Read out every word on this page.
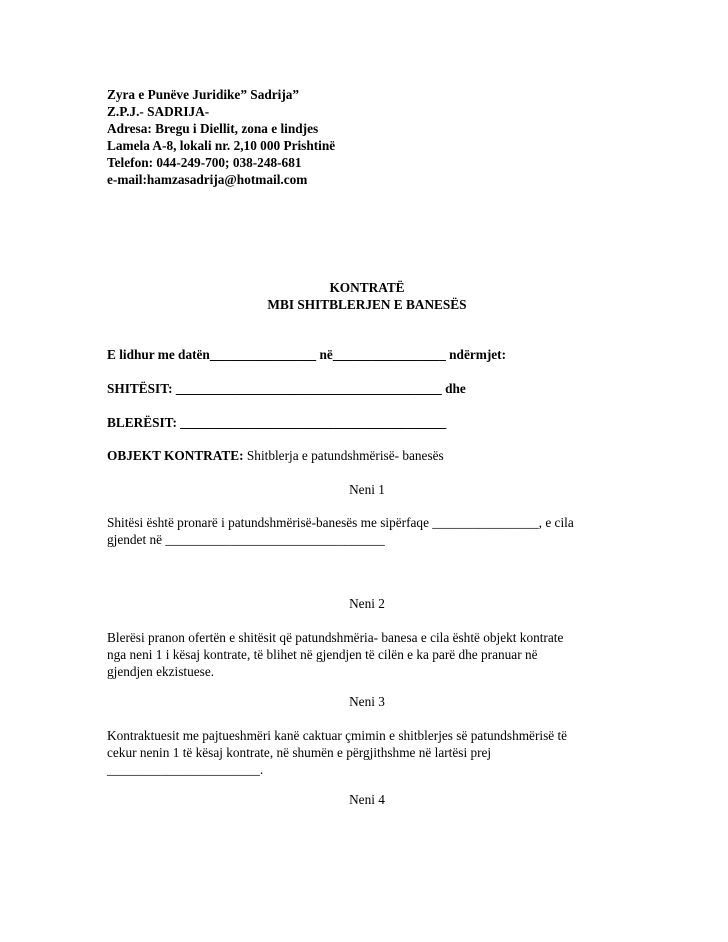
Zyra e Punëve Juridike” Sadrija”
Z.P.J.- SADRIJA-
Adresa: Bregu i Diellit, zona e lindjes
Lamela A-8, lokali nr. 2,10 000 Prishtinë
Telefon: 044-249-700; 038-248-681
e-mail:hamzasadrija@hotmail.com
KONTRATË
MBI SHITBLERJEN E BANESËS
E lidhur me datën________________ në_________________ ndërmjet:
SHITËSIT: ________________________________________ dhe
BLERËSIT: ________________________________________
OBJEKT KONTRATE: Shitblerja e patundshmërisë- banesës
Neni 1
Shitësi është pronarë i patundshmërisë-banesës me sipërfaqe ________________, e cila
gjendet në _________________________________
Neni 2
Blerësi pranon ofertën e shitësit që patundshmëria- banesa e cila është objekt kontrate
nga neni 1 i kësaj kontrate, të blihet në gjendjen të cilën e ka parë dhe pranuar në
gjendjen ekzistuese.
Neni 3
Kontraktuesit me pajtueshmëri kanë caktuar çmimin e shitblerjes së patundshmërisë të
cekur nenin 1 të kësaj kontrate, në shumën e përgjithshme në lartësi prej
_______________________.
Neni 4
